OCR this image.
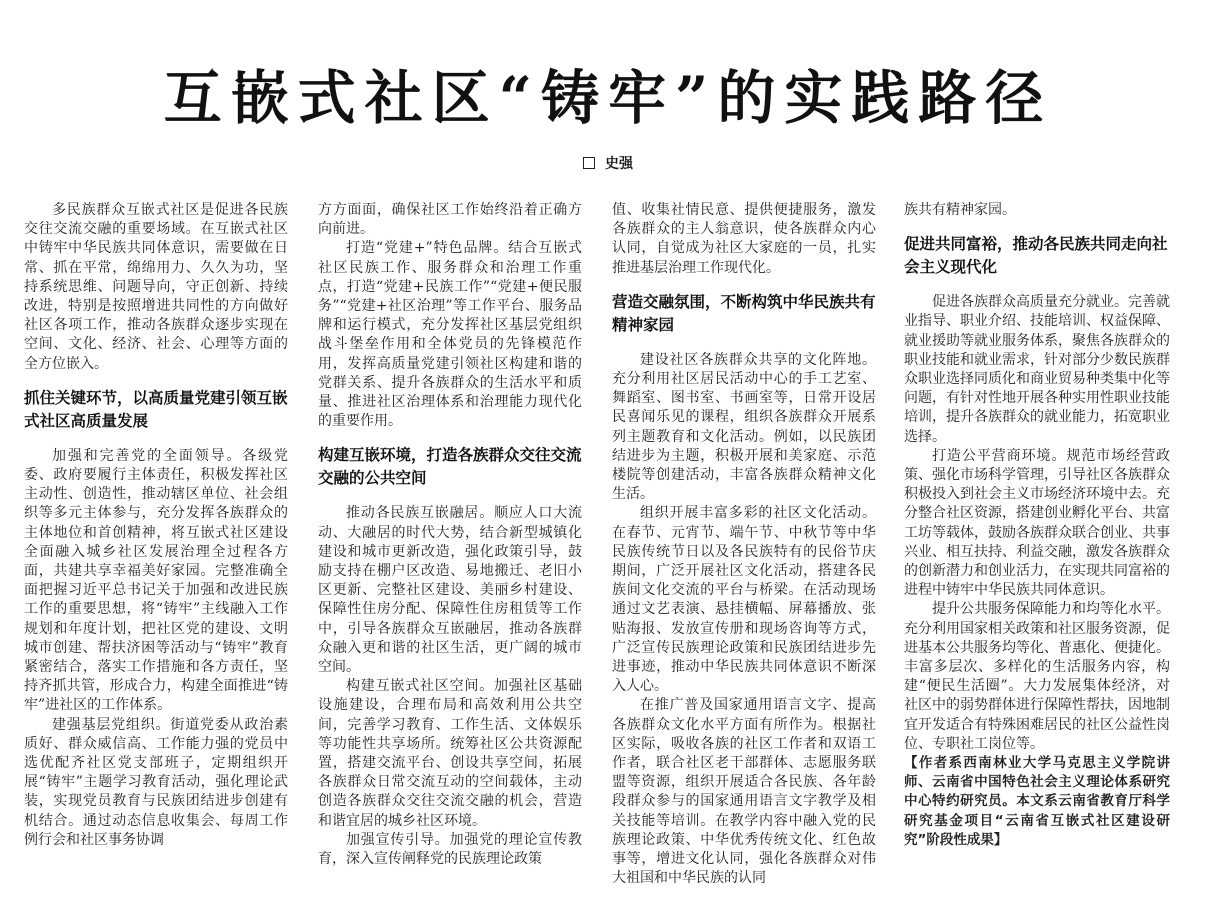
互嵌式社区“铸牢”的实践路径
史强

多民族群众互嵌式社区是促进各民族交往交流交融的重要场域。在互嵌式社区中铸牢中华民族共同体意识，需要做在日常、抓在平常，绵绵用力、久久为功，坚持系统思维、问题导向，守正创新、持续改进，特别是按照增进共同性的方向做好社区各项工作，推动各族群众逐步实现在空间、文化、经济、社会、心理等方面的全方位嵌入。

抓住关键环节，以高质量党建引领互嵌式社区高质量发展

加强和完善党的全面领导。各级党委、政府要履行主体责任，积极发挥社区主动性、创造性，推动辖区单位、社会组织等多元主体参与，充分发挥各族群众的主体地位和首创精神，将互嵌式社区建设全面融入城乡社区发展治理全过程各方面，共建共享幸福美好家园。完整准确全面把握习近平总书记关于加强和改进民族工作的重要思想，将“铸牢”主线融入工作规划和年度计划，把社区党的建设、文明城市创建、帮扶济困等活动与“铸牢”教育紧密结合，落实工作措施和各方责任，坚持齐抓共管，形成合力，构建全面推进“铸牢”进社区的工作体系。

建强基层党组织。街道党委从政治素质好、群众威信高、工作能力强的党员中选优配齐社区党支部班子，定期组织开展“铸牢”主题学习教育活动，强化理论武装，实现党员教育与民族团结进步创建有机结合。通过动态信息收集会、每周工作例行会和社区事务协调

方方面面，确保社区工作始终沿着正确方向前进。

打造“党建+”特色品牌。结合互嵌式社区民族工作、服务群众和治理工作重点，打造“党建+民族工作”“党建+便民服务”“党建+社区治理”等工作平台、服务品牌和运行模式，充分发挥社区基层党组织战斗堡垒作用和全体党员的先锋模范作用，发挥高质量党建引领社区构建和谐的党群关系、提升各族群众的生活水平和质量、推进社区治理体系和治理能力现代化的重要作用。

构建互嵌环境，打造各族群众交往交流交融的公共空间

推动各民族互嵌融居。顺应人口大流动、大融居的时代大势，结合新型城镇化建设和城市更新改造，强化政策引导，鼓励支持在棚户区改造、易地搬迁、老旧小区更新、完整社区建设、美丽乡村建设、保障性住房分配、保障性住房租赁等工作中，引导各族群众互嵌融居，推动各族群众融入更和谐的社区生活，更广阔的城市空间。

构建互嵌式社区空间。加强社区基础设施建设，合理布局和高效利用公共空间，完善学习教育、工作生活、文体娱乐等功能性共享场所。统筹社区公共资源配置，搭建交流平台、创设共享空间，拓展各族群众日常交流互动的空间载体，主动创造各族群众交往交流交融的机会，营造和谐宜居的城乡社区环境。

加强宣传引导。加强党的理论宣传教育，深入宣传阐释党的民族理论政策

值、收集社情民意、提供便捷服务，激发各族群众的主人翁意识，使各族群众内心认同，自觉成为社区大家庭的一员，扎实推进基层治理工作现代化。

营造交融氛围，不断构筑中华民族共有精神家园

建设社区各族群众共享的文化阵地。充分利用社区居民活动中心的手工艺室、舞蹈室、图书室、书画室等，日常开设居民喜闻乐见的课程，组织各族群众开展系列主题教育和文化活动。例如，以民族团结进步为主题，积极开展和美家庭、示范楼院等创建活动，丰富各族群众精神文化生活。

组织开展丰富多彩的社区文化活动。在春节、元宵节、端午节、中秋节等中华民族传统节日以及各民族特有的民俗节庆期间，广泛开展社区文化活动，搭建各民族间文化交流的平台与桥梁。在活动现场通过文艺表演、悬挂横幅、屏幕播放、张贴海报、发放宣传册和现场咨询等方式，广泛宣传民族理论政策和民族团结进步先进事迹，推动中华民族共同体意识不断深入人心。

在推广普及国家通用语言文字、提高各族群众文化水平方面有所作为。根据社区实际，吸收各族的社区工作者和双语工作者，联合社区老干部群体、志愿服务联盟等资源，组织开展适合各民族、各年龄段群众参与的国家通用语言文字教学及相关技能等培训。在教学内容中融入党的民族理论政策、中华优秀传统文化、红色故事等，增进文化认同，强化各族群众对伟大祖国和中华民族的认同

族共有精神家园。

促进共同富裕，推动各民族共同走向社会主义现代化

促进各族群众高质量充分就业。完善就业指导、职业介绍、技能培训、权益保障、就业援助等就业服务体系，聚焦各族群众的职业技能和就业需求，针对部分少数民族群众职业选择同质化和商业贸易种类集中化等问题，有针对性地开展各种实用性职业技能培训，提升各族群众的就业能力，拓宽职业选择。

打造公平营商环境。规范市场经营政策、强化市场科学管理，引导社区各族群众积极投入到社会主义市场经济环境中去。充分整合社区资源，搭建创业孵化平台、共富工坊等载体，鼓励各族群众联合创业、共事兴业、相互扶持、利益交融，激发各族群众的创新潜力和创业活力，在实现共同富裕的进程中铸牢中华民族共同体意识。

提升公共服务保障能力和均等化水平。充分利用国家相关政策和社区服务资源，促进基本公共服务均等化、普惠化、便捷化。丰富多层次、多样化的生活服务内容，构建“便民生活圈”。大力发展集体经济，对社区中的弱势群体进行保障性帮扶，因地制宜开发适合有特殊困难居民的社区公益性岗位、专职社工岗位等。

【作者系西南林业大学马克思主义学院讲师、云南省中国特色社会主义理论体系研究中心特约研究员。本文系云南省教育厅科学研究基金项目“云南省互嵌式社区建设研究”阶段性成果】
